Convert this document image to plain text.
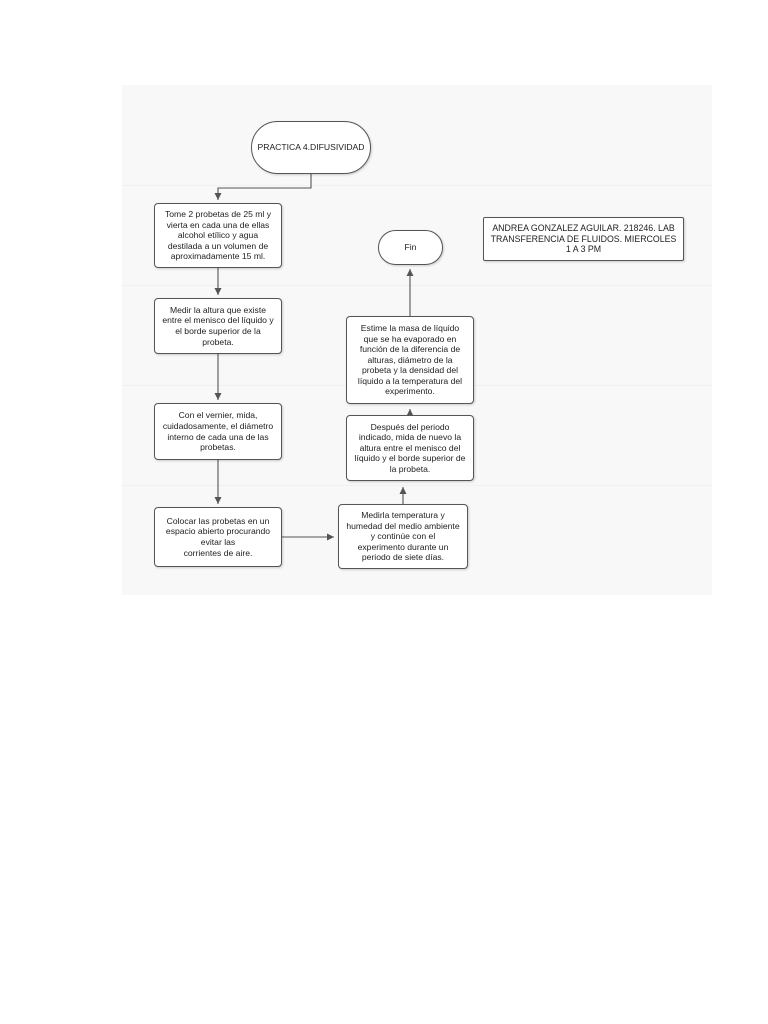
PRACTICA 4.DIFUSIVIDAD
Tome 2 probetas de 25 ml y
vierta en cada una de ellas
alcohol etílico y agua
destilada a un volumen de
aproximadamente 15 ml.
Medir la altura que existe
entre el menisco del líquido y
el borde superior de la
probeta.
Con el vernier, mida,
cuidadosamente, el diámetro
interno de cada una de las
probetas.
Colocar las probetas en un
espacio abierto procurando
evitar las
corrientes de aire.
Medirla temperatura y
humedad del medio ambiente
y continúe con el
experimento durante un
periodo de siete días.
Después del periodo
indicado, mida de nuevo la
altura entre el menisco del
líquido y el borde superior de
la probeta.
Estime la masa de líquido
que se ha evaporado en
función de la diferencia de
alturas, diámetro de la
probeta y la densidad del
líquido a la temperatura del
experimento.
Fin
ANDREA GONZALEZ AGUILAR. 218246. LAB
TRANSFERENCIA DE FLUIDOS. MIERCOLES
1 A 3 PM
